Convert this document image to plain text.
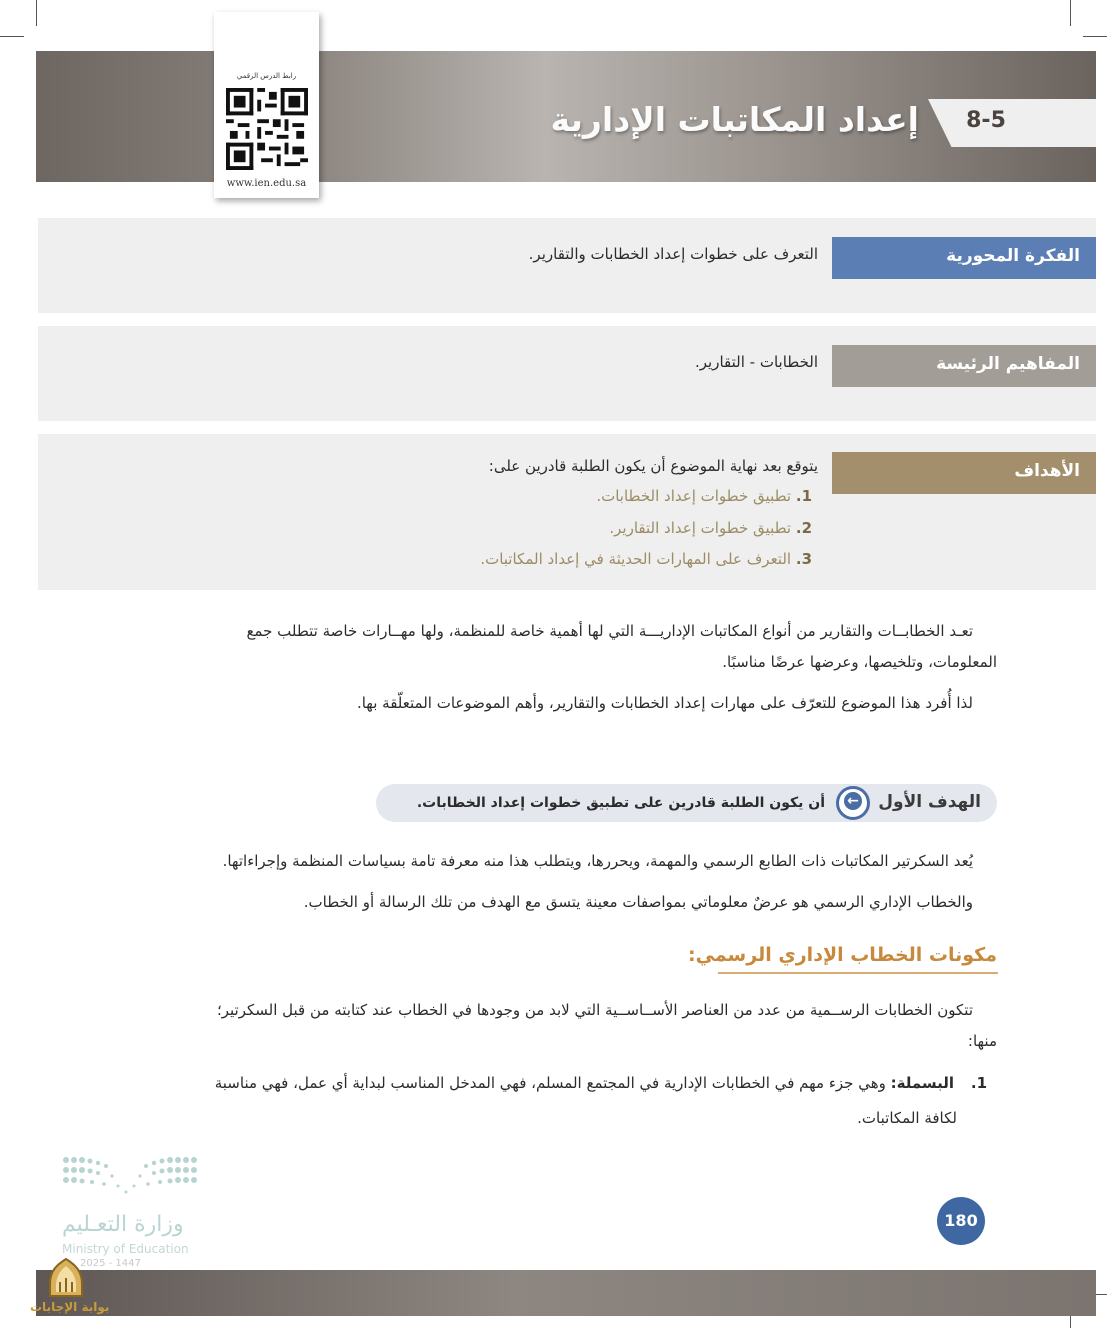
8-5
إعداد المكاتبات الإدارية
رابط الدرس الرقمي
www.ien.edu.sa
الفكرة المحورية
التعرف على خطوات إعداد الخطابات والتقارير.
المفاهيم الرئيسة
الخطابات - التقارير.
الأهداف
يتوقع بعد نهاية الموضوع أن يكون الطلبة قادرين على:
1. تطبيق خطوات إعداد الخطابات.
2. تطبيق خطوات إعداد التقارير.
3. التعرف على المهارات الحديثة في إعداد المكاتبات.
تعـد الخطابــات والتقارير من أنواع المكاتبات الإداريـــة التي لها أهمية خاصة للمنظمة، ولها مهــارات خاصة تتطلب جمع
المعلومات، وتلخيصها، وعرضها عرضًا مناسبًا.
لذا أُفرد هذا الموضوع للتعرّف على مهارات إعداد الخطابات والتقارير، وأهم الموضوعات المتعلّقة بها.
الهدف الأول
←
أن يكون الطلبة قادرين على تطبيق خطوات إعداد الخطابات.
يُعد السكرتير المكاتبات ذات الطابع الرسمي والمهمة، ويحررها، ويتطلب هذا منه معرفة تامة بسياسات المنظمة وإجراءاتها.
والخطاب الإداري الرسمي هو عرضٌ معلوماتي بمواصفات معينة يتسق مع الهدف من تلك الرسالة أو الخطاب.
مكونات الخطاب الإداري الرسمي:
تتكون الخطابات الرســمية من عدد من العناصر الأســاســية التي لابد من وجودها في الخطاب عند كتابته من قبل السكرتير؛
منها:
1. البسملة: وهي جزء مهم في الخطابات الإدارية في المجتمع المسلم، فهي المدخل المناسب لبداية أي عمل، فهي مناسبة
لكافة المكاتبات.
180
وزارة التعـليم
Ministry of Education
2025 - 1447
بوابة الإجابات
